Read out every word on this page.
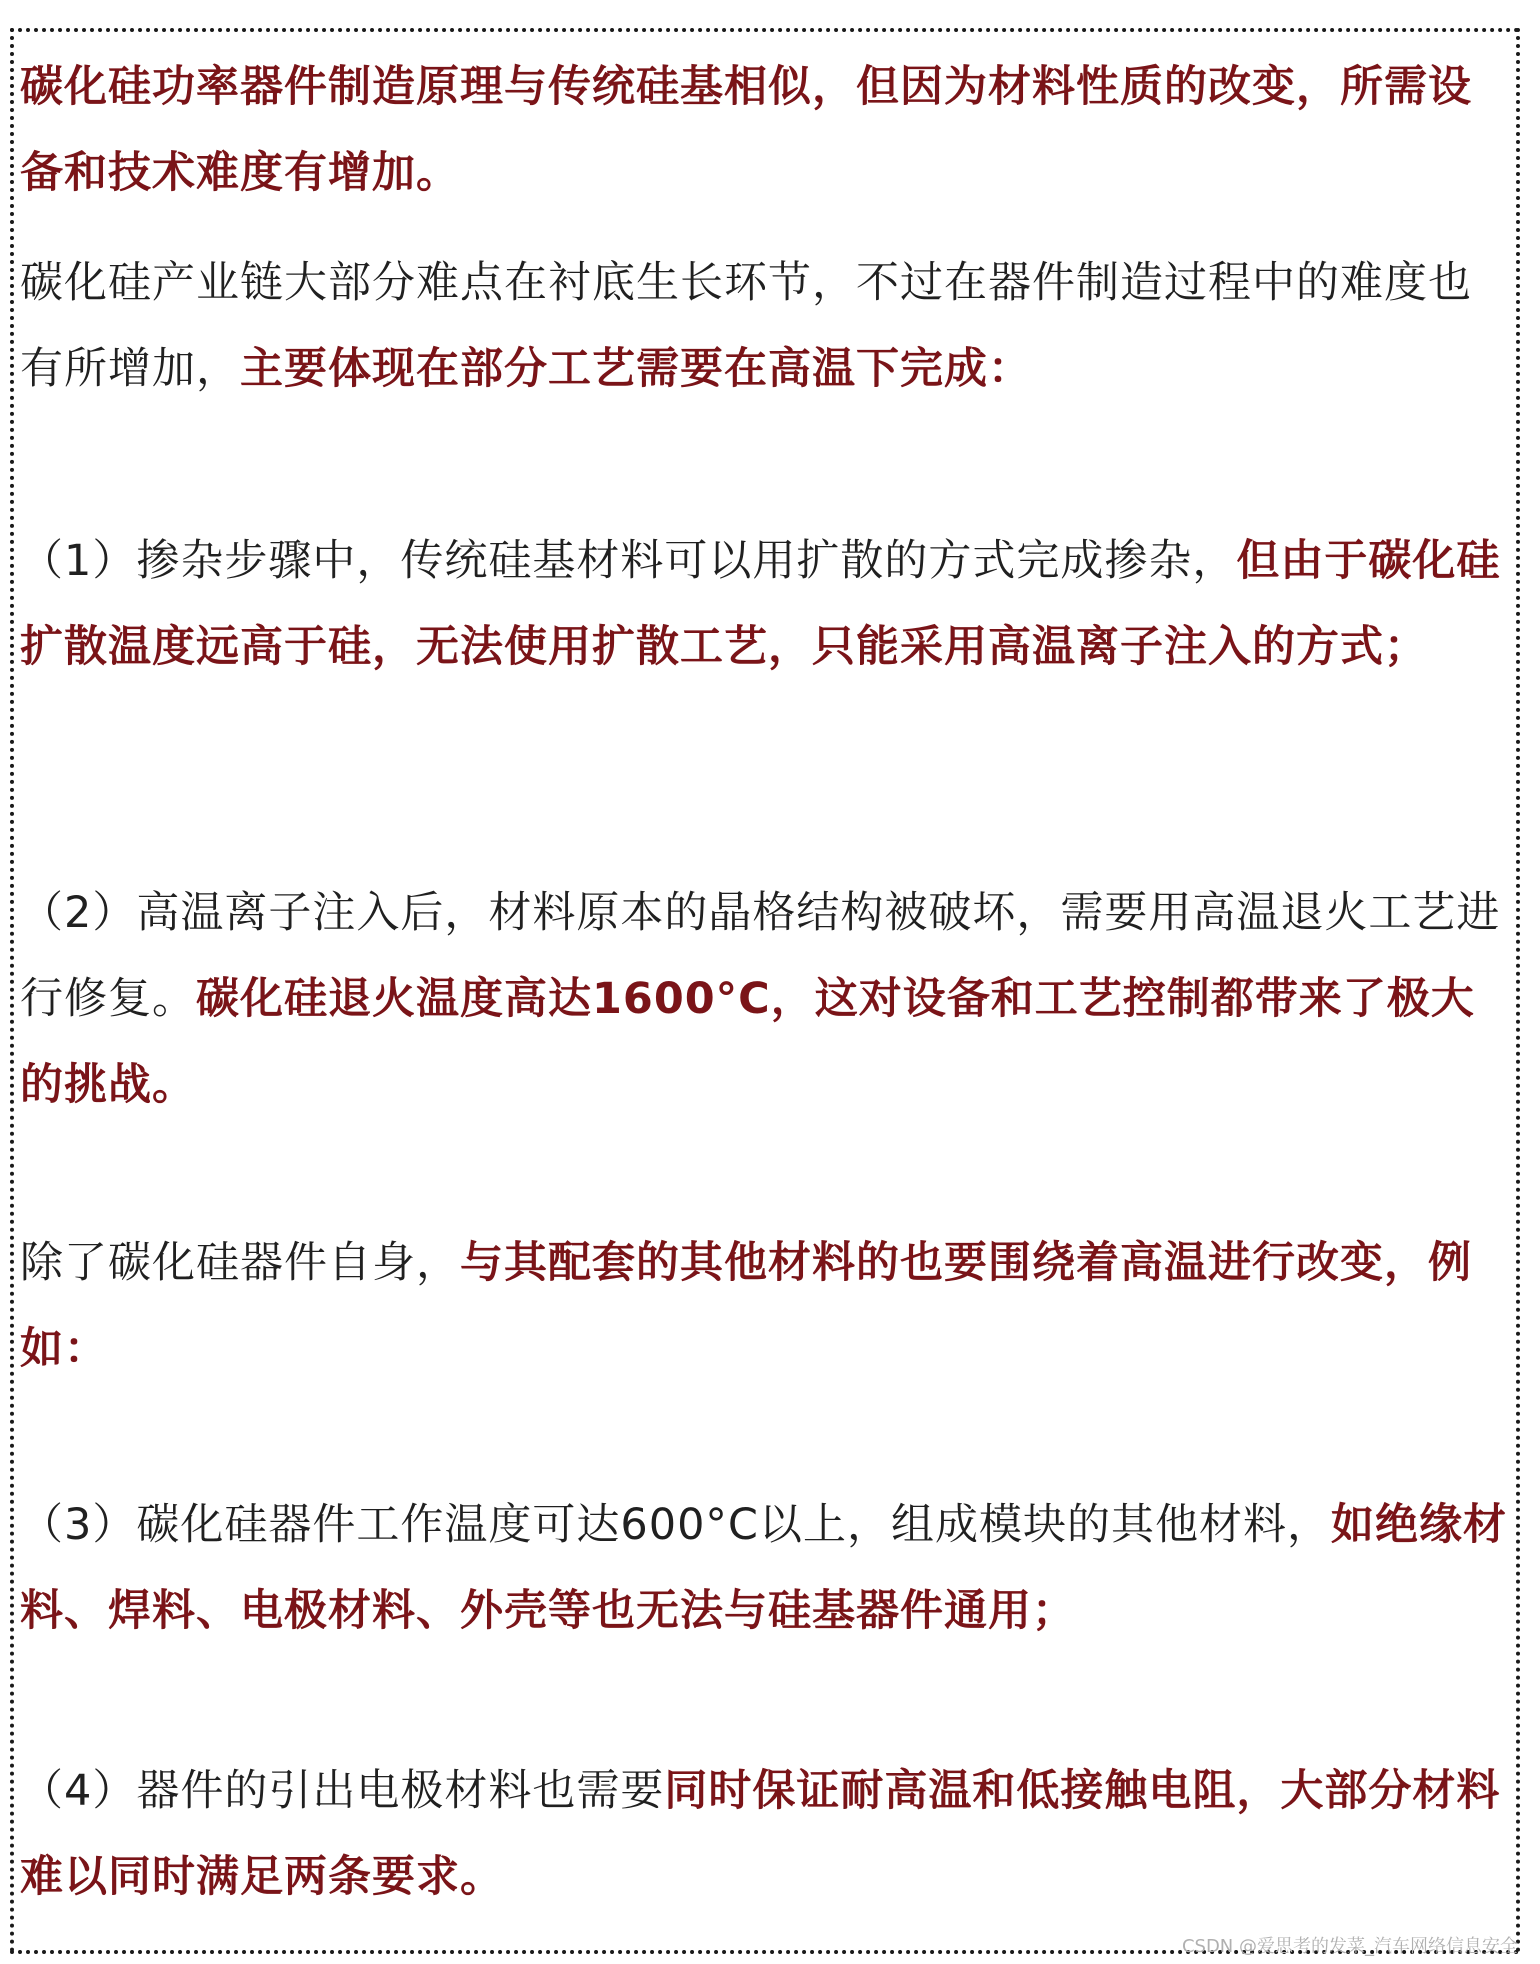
碳化硅功率器件制造原理与传统硅基相似，但因为材料性质的改变，所需设备和技术难度有增加。

碳化硅产业链大部分难点在衬底生长环节，不过在器件制造过程中的难度也有所增加，主要体现在部分工艺需要在高温下完成：

（1）掺杂步骤中，传统硅基材料可以用扩散的方式完成掺杂，但由于碳化硅扩散温度远高于硅，无法使用扩散工艺，只能采用高温离子注入的方式；

（2）高温离子注入后，材料原本的晶格结构被破坏，需要用高温退火工艺进行修复。碳化硅退火温度高达1600°C，这对设备和工艺控制都带来了极大的挑战。

除了碳化硅器件自身，与其配套的其他材料的也要围绕着高温进行改变，例如：

（3）碳化硅器件工作温度可达600°C以上，组成模块的其他材料，如绝缘材料、焊料、电极材料、外壳等也无法与硅基器件通用；

（4）器件的引出电极材料也需要同时保证耐高温和低接触电阻，大部分材料难以同时满足两条要求。

CSDN @爱思考的发菜_汽车网络信息安全
